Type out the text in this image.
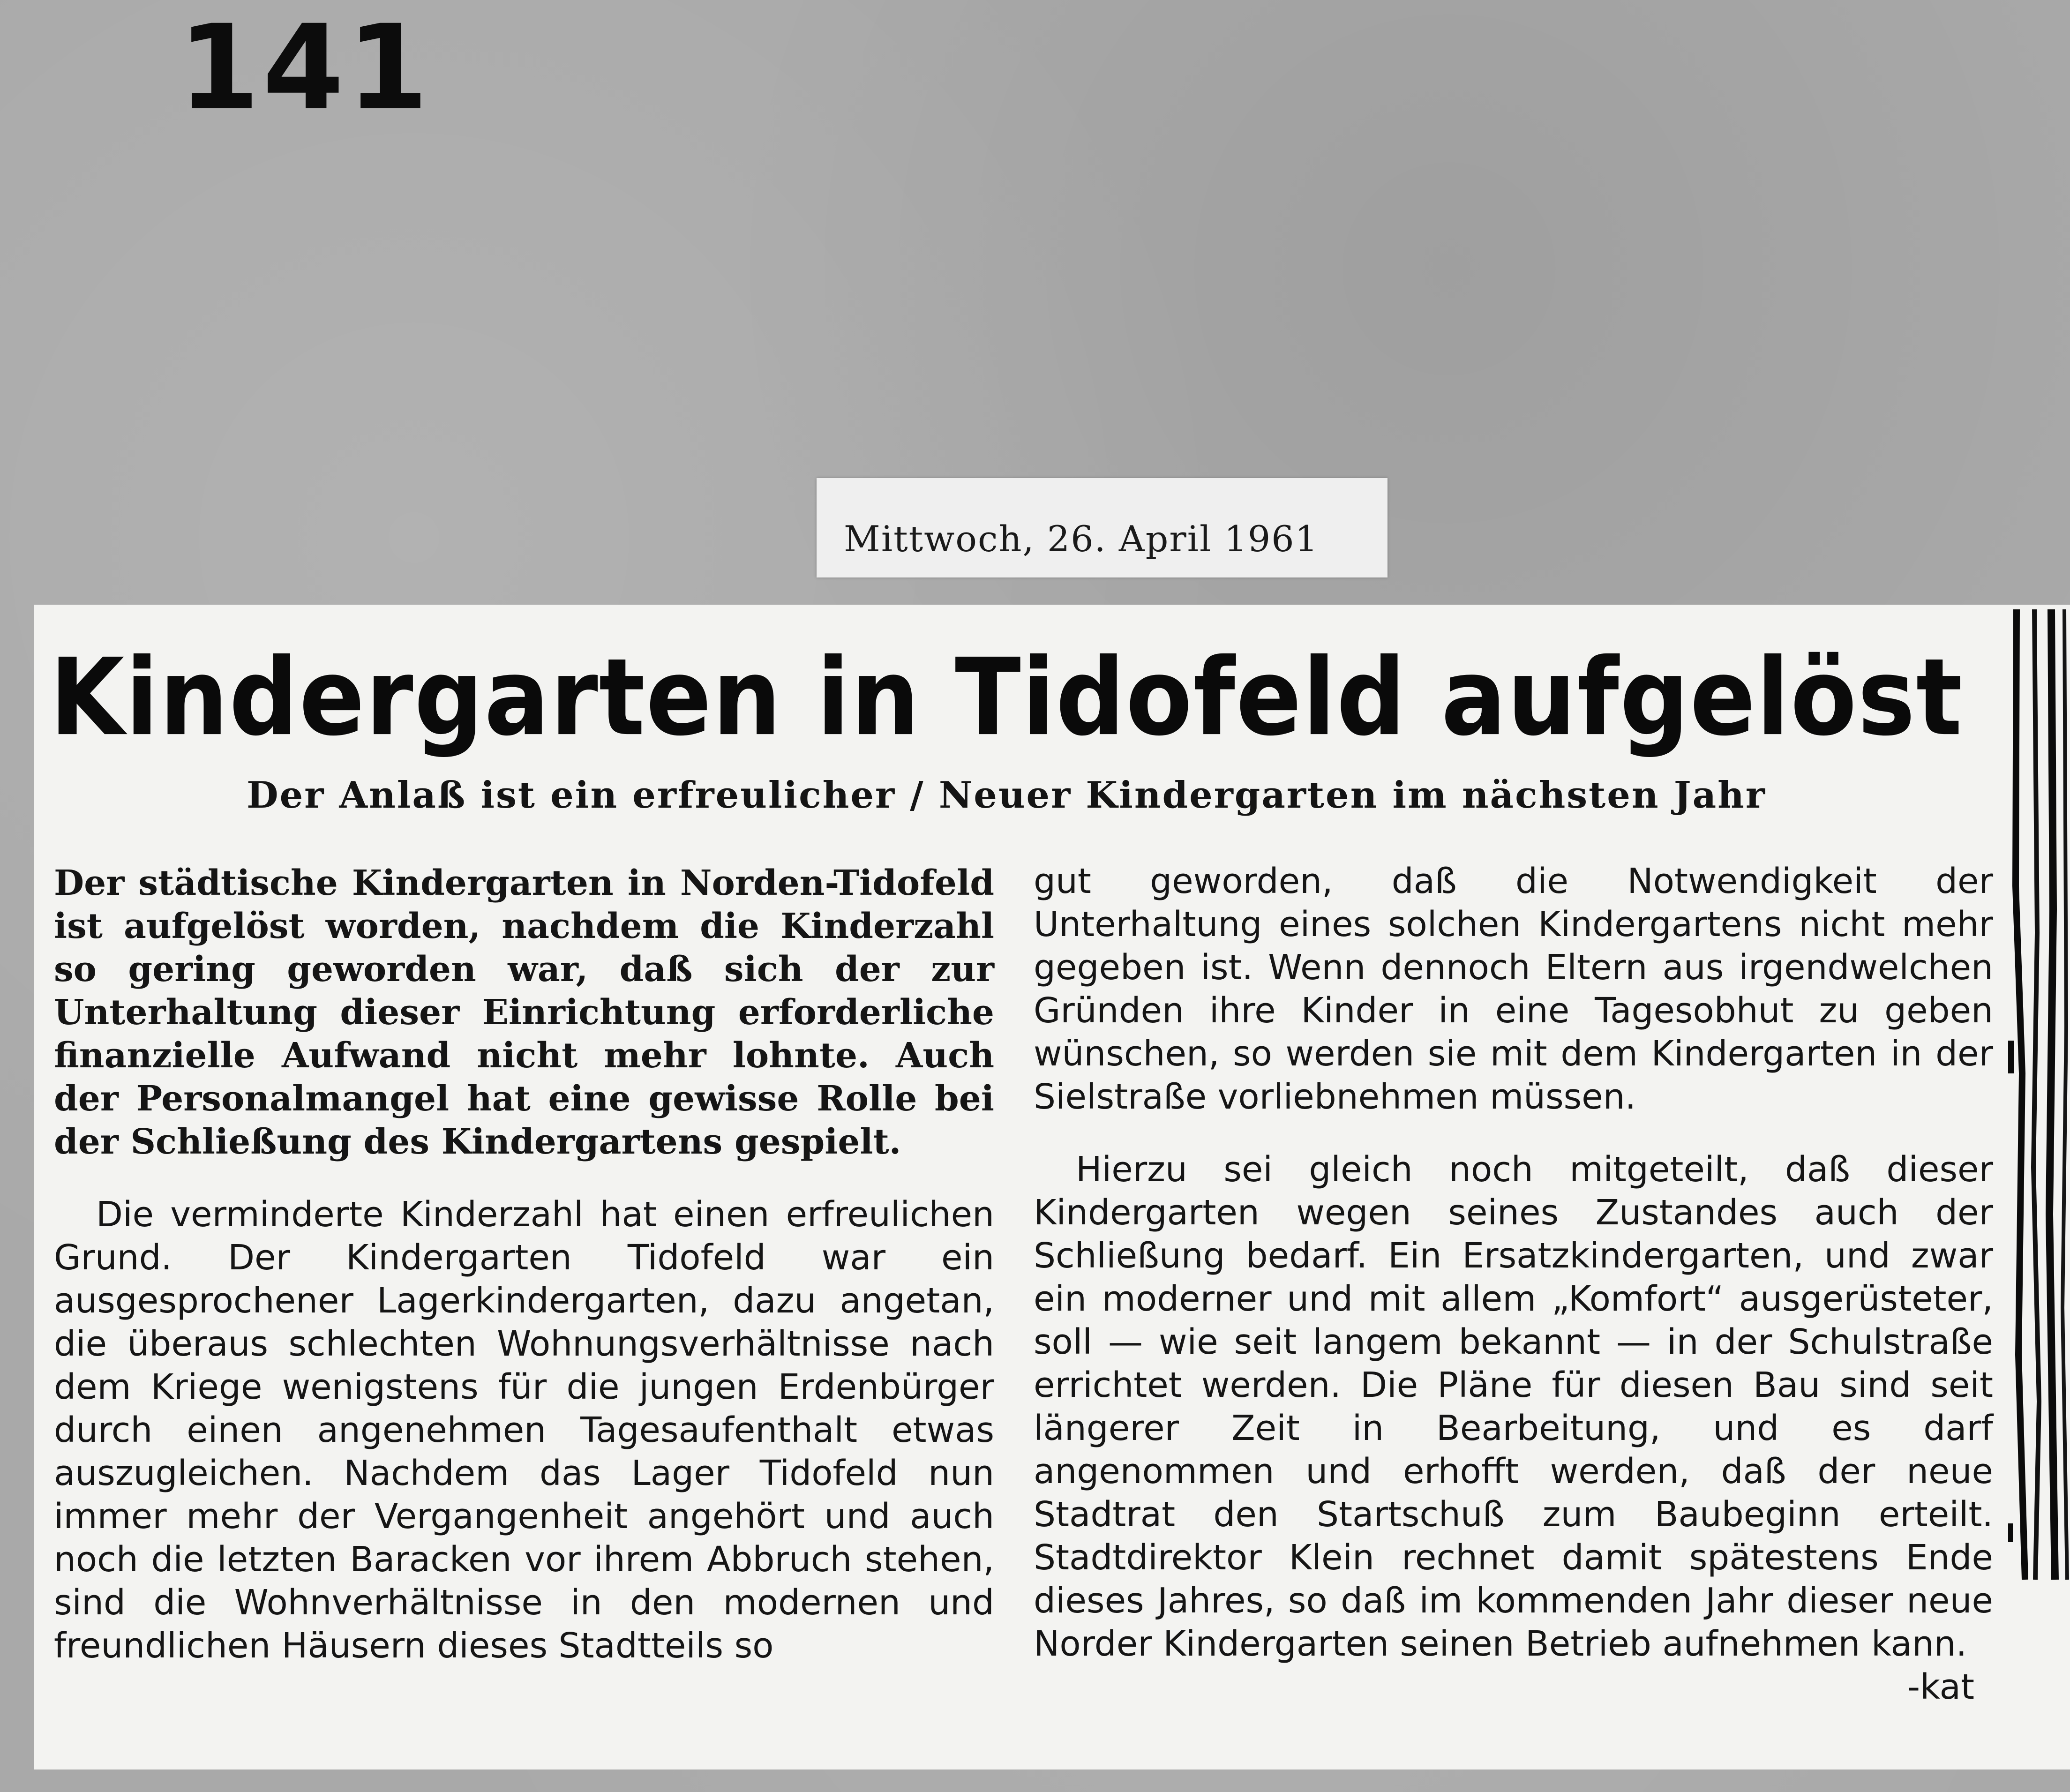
141
Mittwoch, 26. April 1961
Kindergarten in Tidofeld aufgelöst
Der Anlaß ist ein erfreulicher / Neuer Kindergarten im nächsten Jahr

Der städtische Kindergarten in Norden-Tidofeld ist aufgelöst worden, nachdem die Kinderzahl so gering geworden war, daß sich der zur Unterhaltung dieser Einrichtung erforderliche finanzielle Aufwand nicht mehr lohnte. Auch der Personalmangel hat eine gewisse Rolle bei der Schließung des Kindergartens gespielt.

Die verminderte Kinderzahl hat einen erfreulichen Grund. Der Kindergarten Tidofeld war ein ausgesprochener Lagerkindergarten, dazu angetan, die überaus schlechten Wohnungsverhältnisse nach dem Kriege wenigstens für die jungen Erdenbürger durch einen angenehmen Tagesaufenthalt etwas auszugleichen. Nachdem das Lager Tidofeld nun immer mehr der Vergangenheit angehört und auch noch die letzten Baracken vor ihrem Abbruch stehen, sind die Wohnverhältnisse in den modernen und freundlichen Häusern dieses Stadtteils so

gut geworden, daß die Notwendigkeit der Unterhaltung eines solchen Kindergartens nicht mehr gegeben ist. Wenn dennoch Eltern aus irgendwelchen Gründen ihre Kinder in eine Tagesobhut zu geben wünschen, so werden sie mit dem Kindergarten in der Sielstraße vorliebnehmen müssen.

Hierzu sei gleich noch mitgeteilt, daß dieser Kindergarten wegen seines Zustandes auch der Schließung bedarf. Ein Ersatzkindergarten, und zwar ein moderner und mit allem „Komfort“ ausgerüsteter, soll — wie seit langem bekannt — in der Schulstraße errichtet werden. Die Pläne für diesen Bau sind seit längerer Zeit in Bearbeitung, und es darf angenommen und erhofft werden, daß der neue Stadtrat den Startschuß zum Baubeginn erteilt. Stadtdirektor Klein rechnet damit spätestens Ende dieses Jahres, so daß im kommenden Jahr dieser neue Norder Kindergarten seinen Betrieb aufnehmen kann.
-kat
